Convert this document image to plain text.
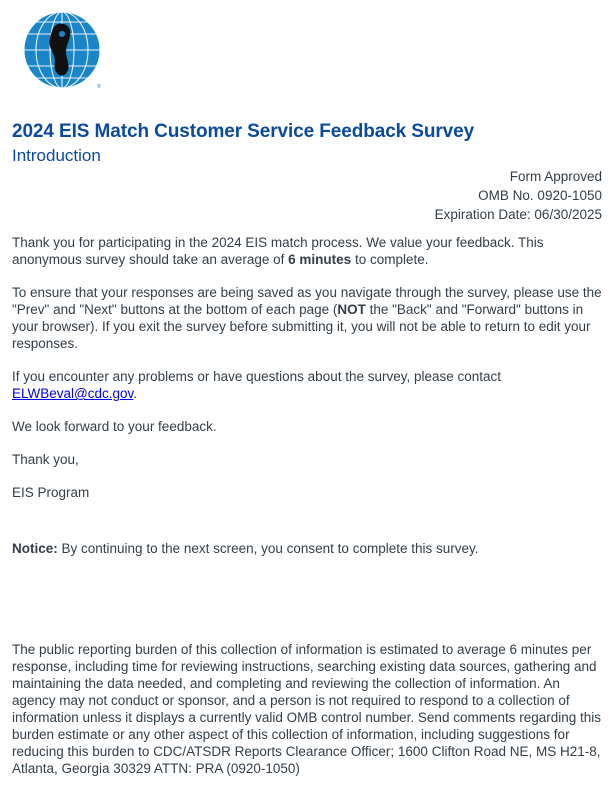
®
2024 EIS Match Customer Service Feedback Survey
Introduction
Form Approved
OMB No. 0920-1050
Expiration Date: 06/30/2025

Thank you for participating in the 2024 EIS match process. We value your feedback. This anonymous survey should take an average of 6 minutes to complete.

To ensure that your responses are being saved as you navigate through the survey, please use the "Prev" and "Next" buttons at the bottom of each page (NOT the "Back" and "Forward" buttons in your browser). If you exit the survey before submitting it, you will not be able to return to edit your responses.

If you encounter any problems or have questions about the survey, please contact ELWBeval@cdc.gov.

We look forward to your feedback.

Thank you,

EIS Program

Notice: By continuing to the next screen, you consent to complete this survey.
The public reporting burden of this collection of information is estimated to average 6 minutes per response, including time for reviewing instructions, searching existing data sources, gathering and maintaining the data needed, and completing and reviewing the collection of information. An agency may not conduct or sponsor, and a person is not required to respond to a collection of information unless it displays a currently valid OMB control number. Send comments regarding this burden estimate or any other aspect of this collection of information, including suggestions for reducing this burden to CDC/ATSDR Reports Clearance Officer; 1600 Clifton Road NE, MS H21-8, Atlanta, Georgia 30329 ATTN: PRA (0920-1050)
